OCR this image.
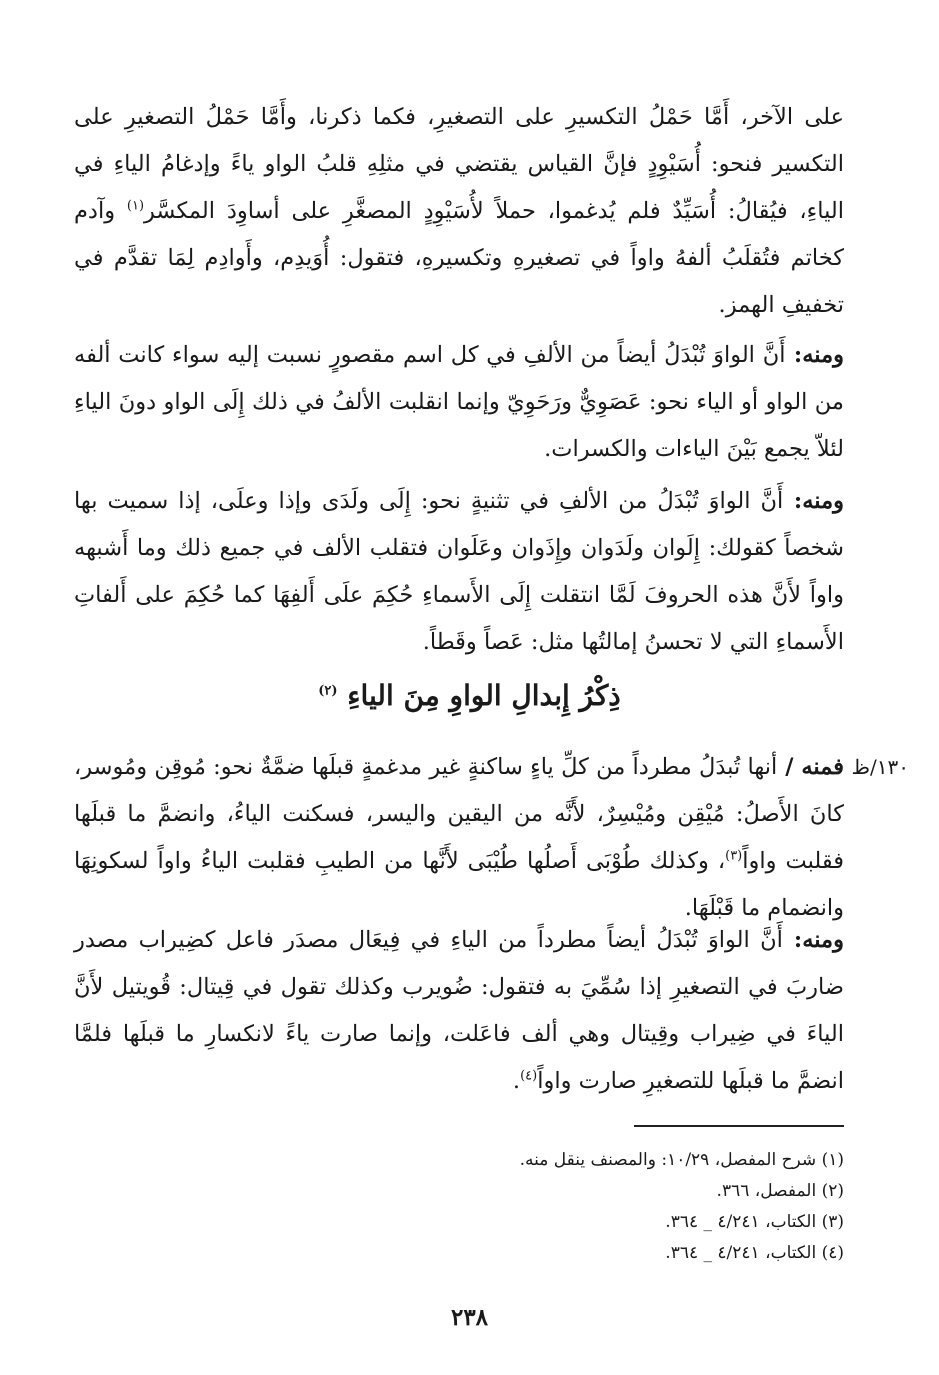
على الآخر، أَمَّا حَمْلُ التكسيرِ على التصغيرِ، فكما ذكرنا، وأَمَّا حَمْلُ التصغيرِ على التكسير فنحو: أُسَيْوِدٍ فإنَّ القياس يقتضي في مثلِهِ قلبُ الواو ياءً وإدغامُ الياءِ في الياءِ، فيُقالُ: أُسَيِّدٌ فلم يُدغموا، حملاً لأُسَيْوِدٍ المصغَّرِ على أساوِدَ المكسَّر$^{(١)}$ وآدم كخاتم فتُقلَبُ ألفهُ واواً في تصغيرهِ وتكسيرهِ، فتقول: أُوَيدِم، وأَوادِم لِمَا تقدَّم في تخفيفِ الهمز.

ومنه: أَنَّ الواوَ تُبْدَلُ أيضاً من الألفِ في كل اسم مقصورٍ نسبت إليه سواء كانت ألفه من الواو أو الياء نحو: عَصَوِيٌّ ورَحَوِيّ وإنما انقلبت الألفُ في ذلك إِلَى الواو دونَ الياءِ لئلاّ يجمع بَيْنَ الياءات والكسرات.

ومنه: أَنَّ الواوَ تُبْدَلُ من الألفِ في تثنيةٍ نحو: إِلَى ولَدَى وإذا وعلَى، إذا سميت بها شخصاً كقولك: إِلَوان ولَدَوان وإِذَوان وعَلَوان فتقلب الألف في جميع ذلك وما أَشبهه واواً لأَنَّ هذه الحروفَ لَمَّا انتقلت إِلَى الأَسماءِ حُكِمَ علَى أَلفِهَا كما حُكِمَ على أَلفاتِ الأَسماءِ التي لا تحسنُ إمالتُها مثل: عَصاً وقَطاً.

ذِكْرُ إِبدالِ الواوِ مِنَ الياءِ $^{(٢)}$
١٣٠/ظ

فمنه / أنها تُبدَلُ مطرداً من كلِّ ياءٍ ساكنةٍ غير مدغمةٍ قبلَها ضمَّةٌ نحو: مُوقِن ومُوسر، كانَ الأَصلُ: مُيْقِن ومُيْسِرٌ، لأَنَّه من اليقين واليسر، فسكنت الياءُ، وانضمَّ ما قبلَها فقلبت واواً$^{(٣)}$، وكذلك طُوْبَى أَصلُها طُيْبَى لأَنَّها من الطيبِ فقلبت الياءُ واواً لسكونِهَا وانضمام ما قَبْلَهَا.

ومنه: أَنَّ الواوَ تُبْدَلُ أيضاً مطرداً من الياءِ في فِيعَال مصدَر فاعل كضِيراب مصدر ضاربَ في التصغيرِ إذا سُمِّيَ به فتقول: ضُويرب وكذلك تقول في قِيتال: قُويتيل لأَنَّ الياءَ في ضِيراب وقِيتال وهي ألف فاعَلت، وإنما صارت ياءً لانكسارِ ما قبلَها فلمَّا انضمَّ ما قبلَها للتصغيرِ صارت واواً$^{(٤)}$.

(١) شرح المفصل، ١٠/٢٩: والمصنف ينقل منه.

(٢) المفصل، ٣٦٦.

(٣) الكتاب، ٤/٢٤١ _ ٣٦٤.

(٤) الكتاب، ٤/٢٤١ _ ٣٦٤.

٢٣٨
